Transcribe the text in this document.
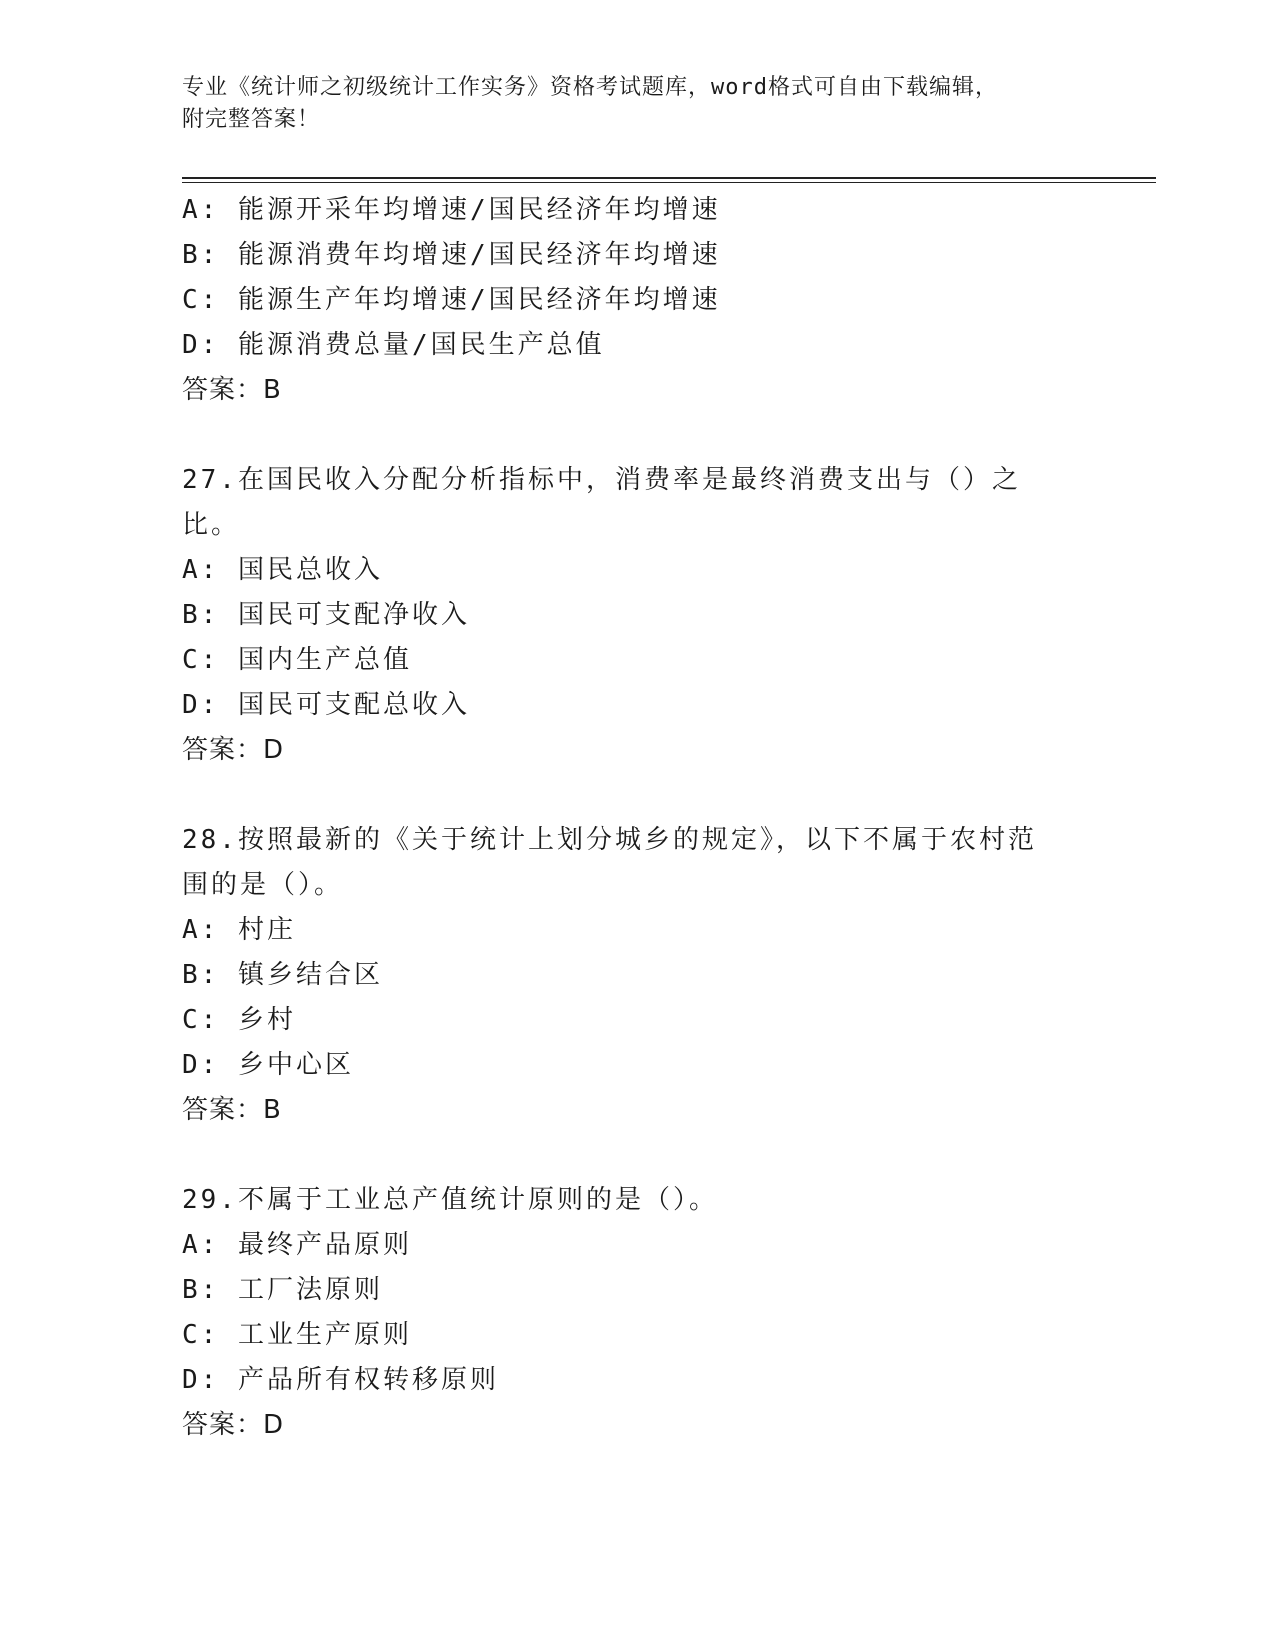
专业《统计师之初级统计工作实务》资格考试题库，word格式可自由下载编辑，
附完整答案！
A: 能源开采年均增速/国民经济年均增速
B: 能源消费年均增速/国民经济年均增速
C: 能源生产年均增速/国民经济年均增速
D: 能源消费总量/国民生产总值
答案：B
27.在国民收入分配分析指标中，消费率是最终消费支出与（）之比。
A: 国民总收入
B: 国民可支配净收入
C: 国内生产总值
D: 国民可支配总收入
答案：D
28.按照最新的《关于统计上划分城乡的规定》，以下不属于农村范围的是（）。
A: 村庄
B: 镇乡结合区
C: 乡村
D: 乡中心区
答案：B
29.不属于工业总产值统计原则的是（）。
A: 最终产品原则
B: 工厂法原则
C: 工业生产原则
D: 产品所有权转移原则
答案：D
